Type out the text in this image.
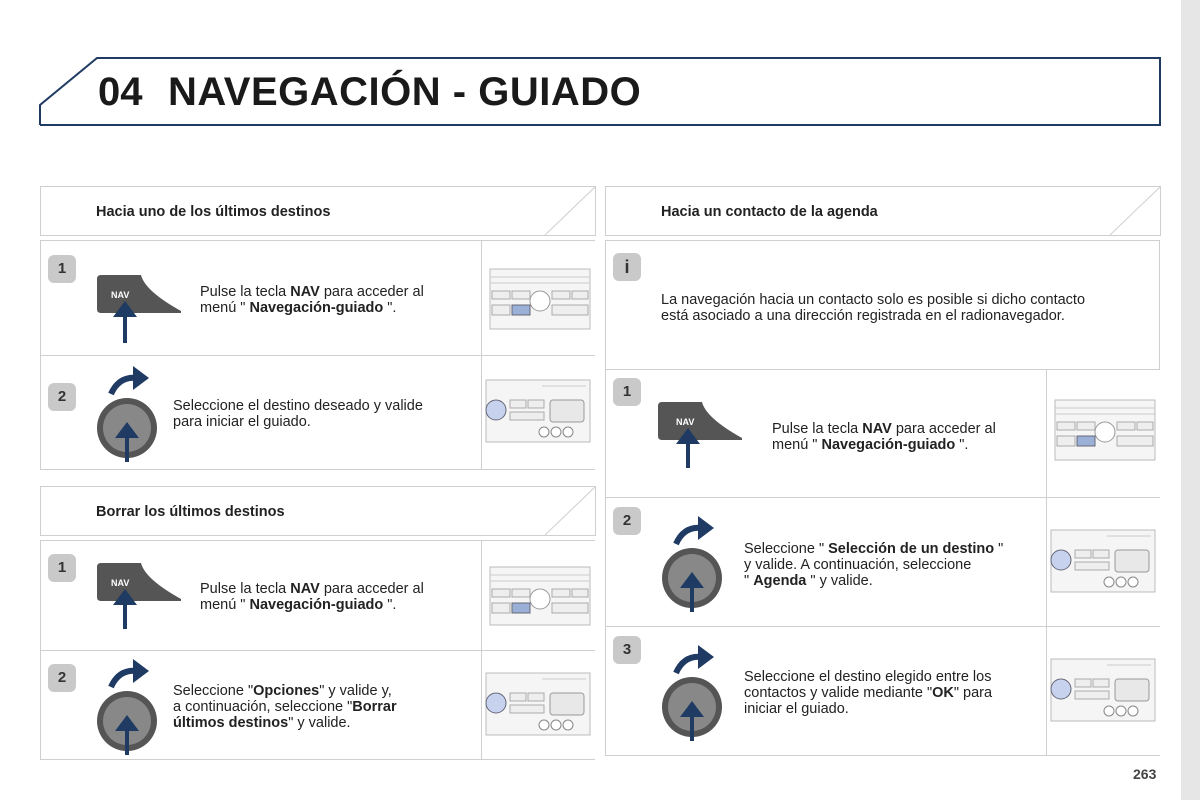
04 NAVEGACIÓN - GUIADO
Hacia uno de los últimos destinos
1
NAV	Pulse la tecla NAV para acceder al
menú " Navegación-guiado ".
2
Seleccione el destino deseado y valide
para iniciar el guiado.
Borrar los últimos destinos
1
NAV	Pulse la tecla NAV para acceder al
menú " Navegación-guiado ".
2
Seleccione "Opciones" y valide y,
a continuación, seleccione "Borrar
últimos destinos" y valide.
Hacia un contacto de la agenda
i
La navegación hacia un contacto solo es posible si dicho contacto
está asociado a una dirección registrada en el radionavegador.
1
NAV	Pulse la tecla NAV para acceder al
menú " Navegación-guiado ".
2
Seleccione " Selección de un destino "
y valide. A continuación, seleccione
" Agenda " y valide.
3
Seleccione el destino elegido entre los
contactos y valide mediante "OK" para
iniciar el guiado.
263
